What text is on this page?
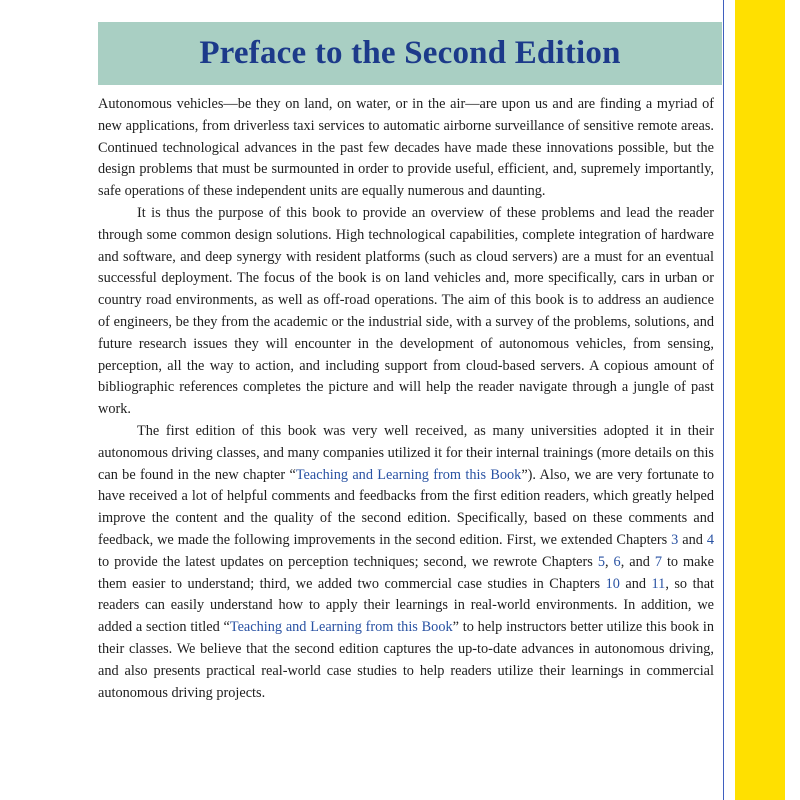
Preface to the Second Edition

Autonomous vehicles—be they on land, on water, or in the air—are upon us and are finding a myriad of new applications, from driverless taxi services to automatic airborne surveillance of sensitive remote areas. Continued technological advances in the past few decades have made these innovations possible, but the design problems that must be surmounted in order to provide useful, efficient, and, supremely importantly, safe operations of these independent units are equally numerous and daunting.

It is thus the purpose of this book to provide an overview of these problems and lead the reader through some common design solutions. High technological capabilities, complete integration of hardware and software, and deep synergy with resident platforms (such as cloud servers) are a must for an eventual successful deployment. The focus of the book is on land vehicles and, more specifically, cars in urban or country road environments, as well as off-road operations. The aim of this book is to address an audience of engineers, be they from the academic or the industrial side, with a survey of the problems, solutions, and future research issues they will encounter in the development of autonomous vehicles, from sensing, perception, all the way to action, and including support from cloud-based servers. A copious amount of bibliographic references completes the picture and will help the reader navigate through a jungle of past work.

The first edition of this book was very well received, as many universities adopted it in their autonomous driving classes, and many companies utilized it for their internal trainings (more details on this can be found in the new chapter “Teaching and Learning from this Book”). Also, we are very fortunate to have received a lot of helpful comments and feedbacks from the first edition readers, which greatly helped improve the content and the quality of the second edition. Specifically, based on these comments and feedback, we made the following improvements in the second edition. First, we extended Chapters 3 and 4 to provide the latest updates on perception techniques; second, we rewrote Chapters 5, 6, and 7 to make them easier to understand; third, we added two commercial case studies in Chapters 10 and 11, so that readers can easily understand how to apply their learnings in real-world environments. In addition, we added a section titled “Teaching and Learning from this Book” to help instructors better utilize this book in their classes. We believe that the second edition captures the up-to-date advances in autonomous driving, and also presents practical real-world case studies to help readers utilize their learnings in commercial autonomous driving projects.
